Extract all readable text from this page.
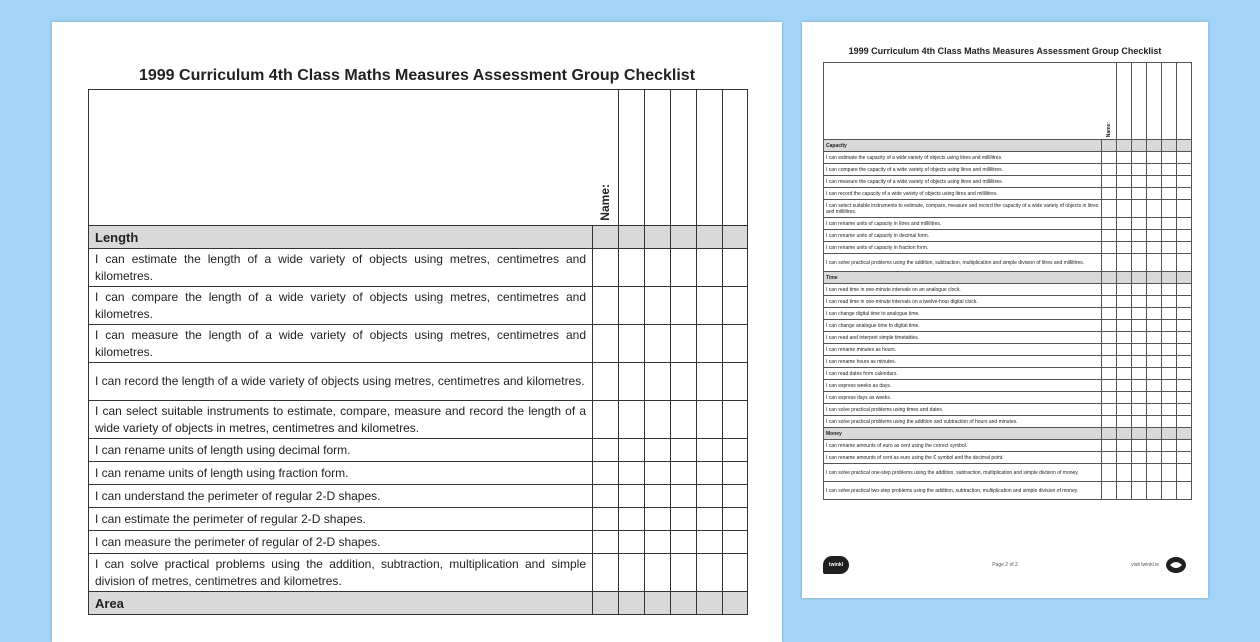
1999 Curriculum 4th Class Maths Measures Assessment Group Checklist

	Name:					

Length						
I can estimate the length of a wide variety of objects using metres, centimetres and kilometres.						
I can compare the length of a wide variety of objects using metres, centimetres and kilometres.						
I can measure the length of a wide variety of objects using metres, centimetres and kilometres.						
I can record the length of a wide variety of objects using metres, centimetres and kilometres.						
I can select suitable instruments to estimate, compare, measure and record the length of a wide variety of objects in metres, centimetres and kilometres.						
I can rename units of length using decimal form.						
I can rename units of length using fraction form.						
I can understand the perimeter of regular 2-D shapes.						
I can estimate the perimeter of regular 2-D shapes.						
I can measure the perimeter of regular of 2-D shapes.						
I can solve practical problems using the addition, subtraction, multiplication and simple division of metres, centimetres and kilometres.						
Area						
1999 Curriculum 4th Class Maths Measures Assessment Group Checklist

	Name:					

Capacity						
I can estimate the capacity of a wide variety of objects using litres and millilitres.						
I can compare the capacity of a wide variety of objects using litres and millilitres.						
I can measure the capacity of a wide variety of objects using litres and millilitres.						
I can record the capacity of a wide variety of objects using litres and millilitres.						
I can select suitable instruments to estimate, compare, measure and record the capacity of a wide variety of objects in litres and millilitres.						
I can rename units of capacity in litres and millilitres.						
I can rename units of capacity in decimal form.						
I can rename units of capacity in fraction form.						
I can solve practical problems using the addition, subtraction, multiplication and simple division of litres and millilitres.						
Time						
I can read time in one-minute intervals on an analogue clock.						
I can read time in one-minute intervals on a twelve-hour digital clock.						
I can change digital time to analogue time.						
I can change analogue time to digital time.						
I can read and interpret simple timetables.						
I can rename minutes as hours.						
I can rename hours as minutes.						
I can read dates from calendars.						
I can express weeks as days.						
I can express days as weeks.						
I can solve practical problems using times and dates.						
I can solve practical problems using the addition and subtraction of hours and minutes.						
Money						
I can rename amounts of euro as cent using the correct symbol.						
I can rename amounts of cent as euro using the € symbol and the decimal point.						
I can solve practical one-step problems using the addition, subtraction, multiplication and simple division of money.						
I can solve practical two-step problems using the addition, subtraction, multiplication and simple division of money.						
twinkl	Page 2 of 2	visit twinkl.ie
